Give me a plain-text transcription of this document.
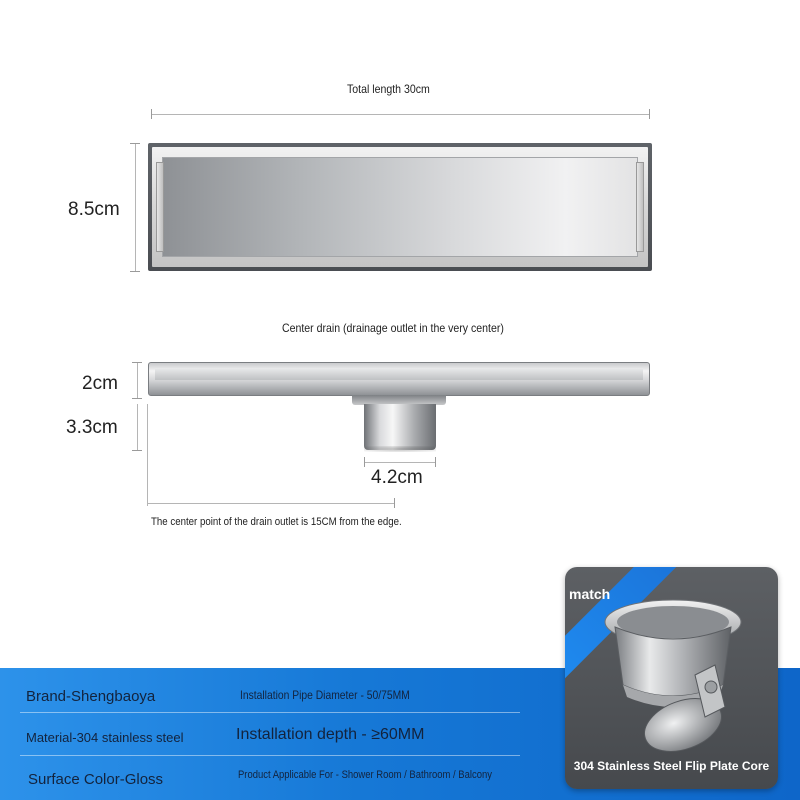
Total length 30cm
8.5cm
Center drain (drainage outlet in the very center)
2cm
3.3cm
4.2cm
The center point of the drain outlet is 15CM from the edge.
Brand-Shengbaoya
Material-304 stainless steel
Surface Color-Gloss
Installation Pipe Diameter - 50/75MM
Installation depth - ≥60MM
Product Applicable For - Shower Room / Bathroom / Balcony
match
304 Stainless Steel Flip Plate Core
